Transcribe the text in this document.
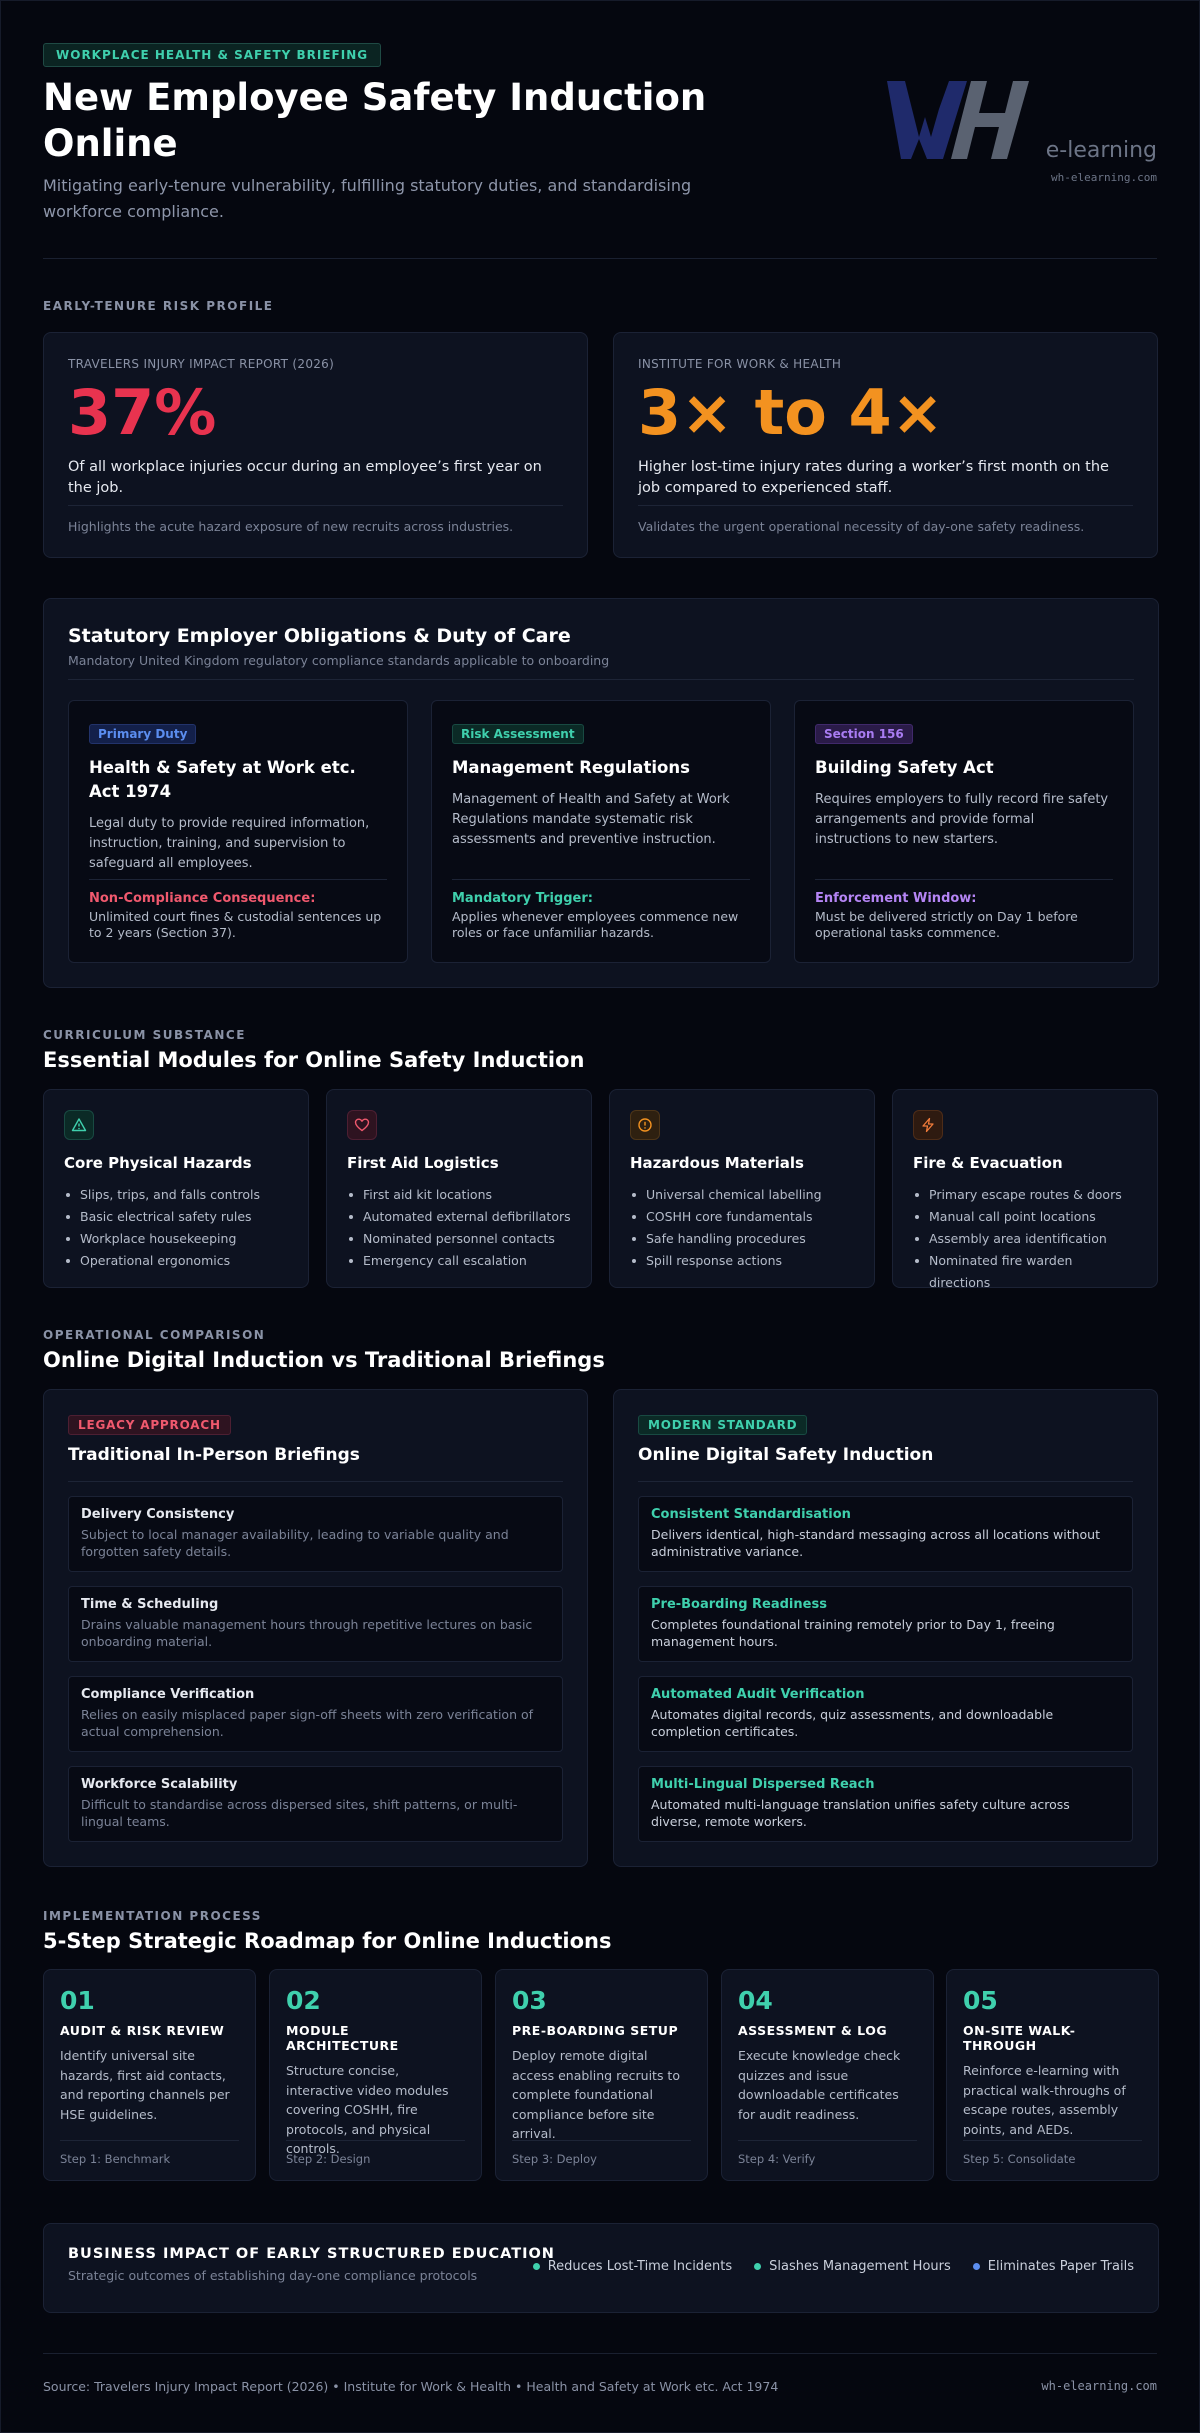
WORKPLACE HEALTH & SAFETY BRIEFING
New Employee Safety Induction Online
Mitigating early-tenure vulnerability, fulfilling statutory duties, and standardising workforce compliance.
e-learning
wh-elearning.com
EARLY-TENURE RISK PROFILE
TRAVELERS INJURY IMPACT REPORT (2026)
37%
Of all workplace injuries occur during an employee’s first year on the job.
Highlights the acute hazard exposure of new recruits across industries.
INSTITUTE FOR WORK & HEALTH
3× to 4×
Higher lost-time injury rates during a worker’s first month on the job compared to experienced staff.
Validates the urgent operational necessity of day-one safety readiness.
Statutory Employer Obligations & Duty of Care
Mandatory United Kingdom regulatory compliance standards applicable to onboarding
Primary Duty
Health & Safety at Work etc. Act 1974
Legal duty to provide required information, instruction, training, and supervision to safeguard all employees.
Non-Compliance Consequence:
Unlimited court fines & custodial sentences up to 2 years (Section 37).
Risk Assessment
Management Regulations
Management of Health and Safety at Work Regulations mandate systematic risk assessments and preventive instruction.
Mandatory Trigger:
Applies whenever employees commence new roles or face unfamiliar hazards.
Section 156
Building Safety Act
Requires employers to fully record fire safety arrangements and provide formal instructions to new starters.
Enforcement Window:
Must be delivered strictly on Day 1 before operational tasks commence.
CURRICULUM SUBSTANCE
Essential Modules for Online Safety Induction
Core Physical Hazards
Slips, trips, and falls controls
Basic electrical safety rules
Workplace housekeeping
Operational ergonomics
First Aid Logistics
First aid kit locations
Automated external defibrillators
Nominated personnel contacts
Emergency call escalation
Hazardous Materials
Universal chemical labelling
COSHH core fundamentals
Safe handling procedures
Spill response actions
Fire & Evacuation
Primary escape routes & doors
Manual call point locations
Assembly area identification
Nominated fire warden directions
OPERATIONAL COMPARISON
Online Digital Induction vs Traditional Briefings
LEGACY APPROACH
Traditional In-Person Briefings
Delivery Consistency
Subject to local manager availability, leading to variable quality and forgotten safety details.
Time & Scheduling
Drains valuable management hours through repetitive lectures on basic onboarding material.
Compliance Verification
Relies on easily misplaced paper sign-off sheets with zero verification of actual comprehension.
Workforce Scalability
Difficult to standardise across dispersed sites, shift patterns, or multi-lingual teams.
MODERN STANDARD
Online Digital Safety Induction
Consistent Standardisation
Delivers identical, high-standard messaging across all locations without administrative variance.
Pre-Boarding Readiness
Completes foundational training remotely prior to Day 1, freeing management hours.
Automated Audit Verification
Automates digital records, quiz assessments, and downloadable completion certificates.
Multi-Lingual Dispersed Reach
Automated multi-language translation unifies safety culture across diverse, remote workers.
IMPLEMENTATION PROCESS
5-Step Strategic Roadmap for Online Inductions
01
AUDIT & RISK REVIEW
Identify universal site hazards, first aid contacts, and reporting channels per HSE guidelines.
Step 1: Benchmark
02
MODULE ARCHITECTURE
Structure concise, interactive video modules covering COSHH, fire protocols, and physical controls.
Step 2: Design
03
PRE-BOARDING SETUP
Deploy remote digital access enabling recruits to complete foundational compliance before site arrival.
Step 3: Deploy
04
ASSESSMENT & LOG
Execute knowledge check quizzes and issue downloadable certificates for audit readiness.
Step 4: Verify
05
ON-SITE WALK-THROUGH
Reinforce e-learning with practical walk-throughs of escape routes, assembly points, and AEDs.
Step 5: Consolidate
BUSINESS IMPACT OF EARLY STRUCTURED EDUCATION
Strategic outcomes of establishing day-one compliance protocols
Reduces Lost-Time Incidents	Slashes Management Hours	Eliminates Paper Trails
Source: Travelers Injury Impact Report (2026) • Institute for Work & Health • Health and Safety at Work etc. Act 1974	wh-elearning.com
